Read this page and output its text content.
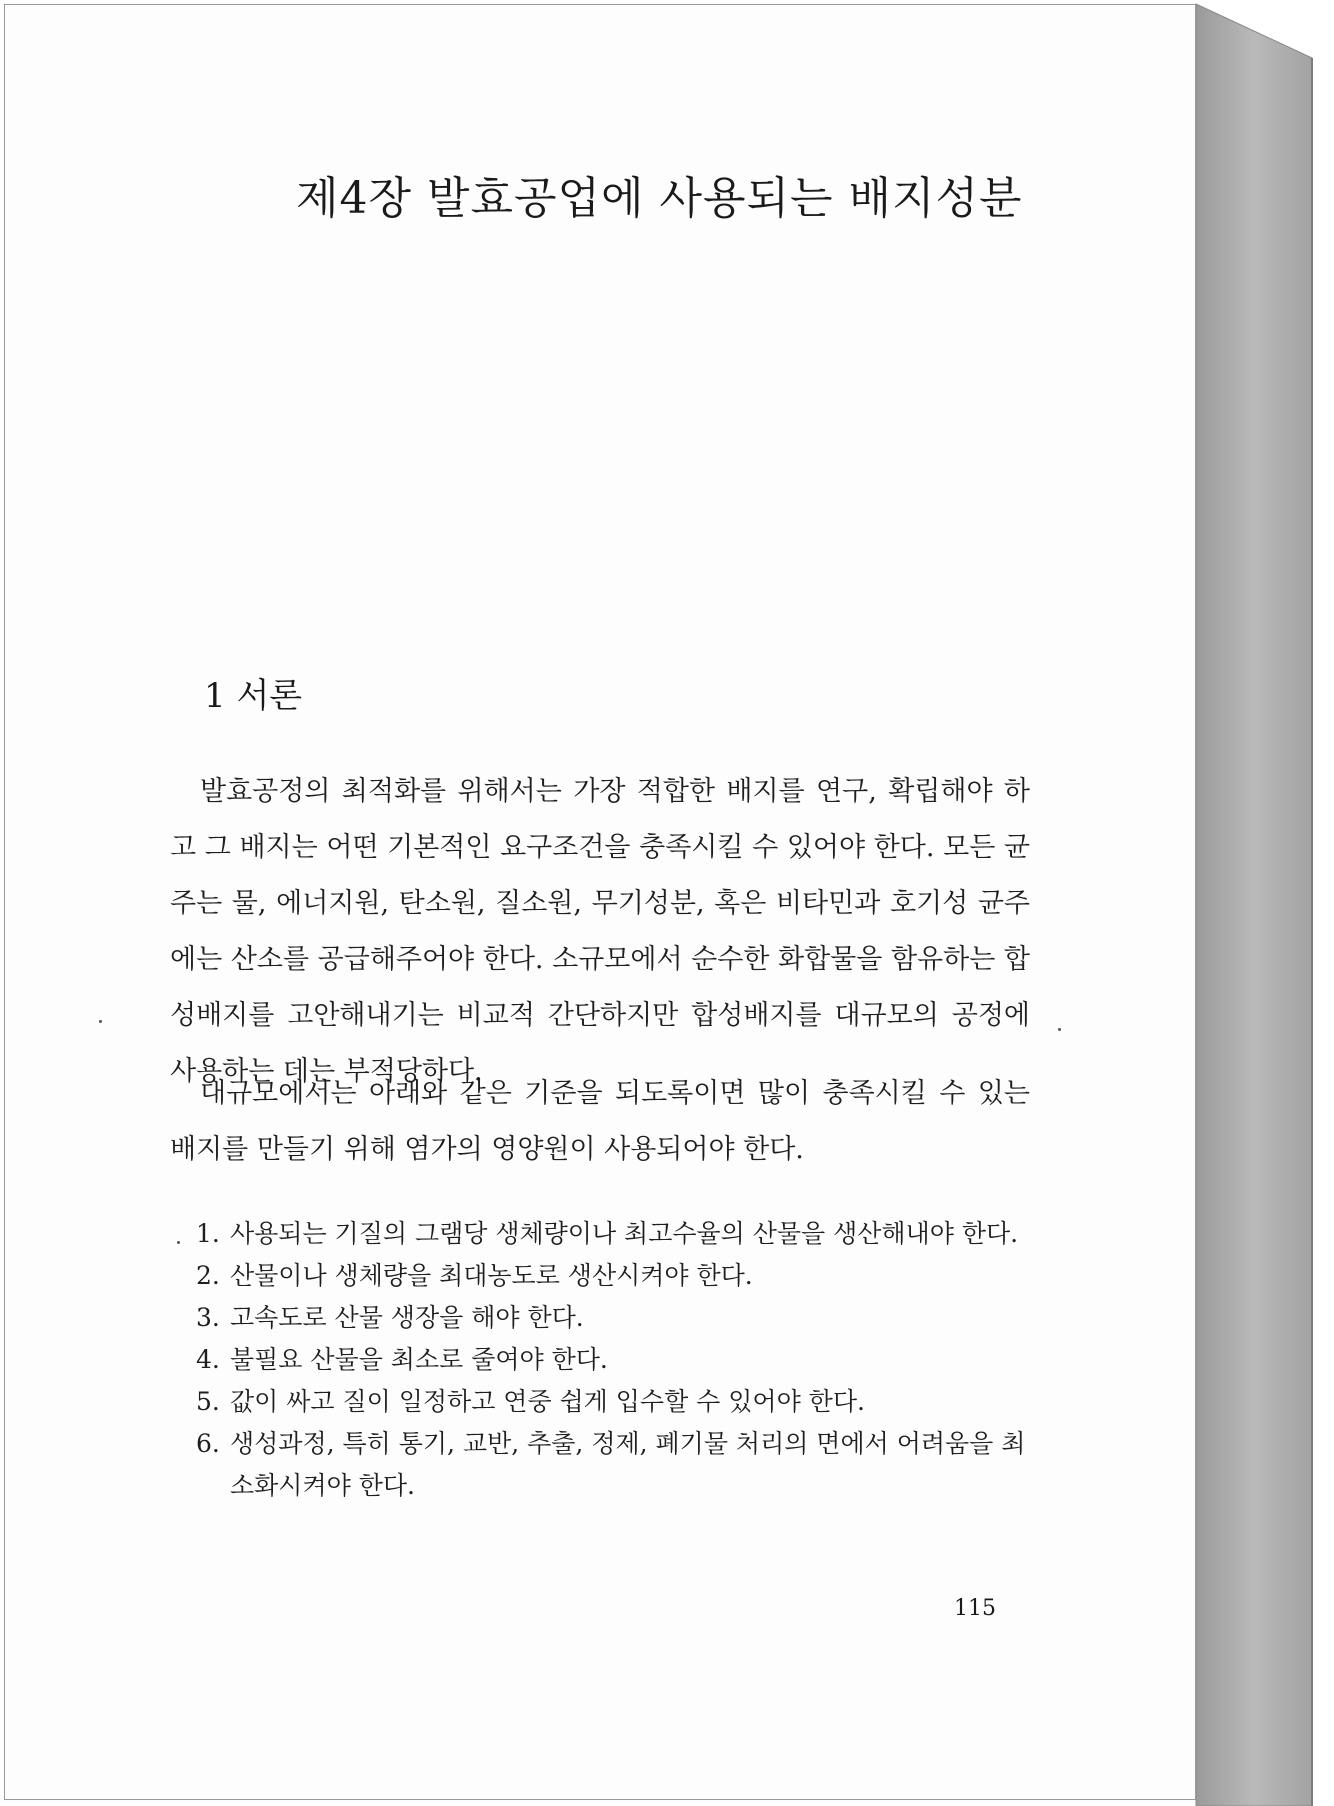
제4장 발효공업에 사용되는 배지성분
1 서론

발효공정의 최적화를 위해서는 가장 적합한 배지를 연구, 확립해야 하고 그 배지는 어떤 기본적인 요구조건을 충족시킬 수 있어야 한다. 모든 균주는 물, 에너지원, 탄소원, 질소원, 무기성분, 혹은 비타민과 호기성 균주에는 산소를 공급해주어야 한다. 소규모에서 순수한 화합물을 함유하는 합성배지를 고안해내기는 비교적 간단하지만 합성배지를 대규모의 공정에 사용하는 데는 부적당하다.

대규모에서는 아래와 같은 기준을 되도록이면 많이 충족시킬 수 있는 배지를 만들기 위해 염가의 영양원이 사용되어야 한다.

1. 사용되는 기질의 그램당 생체량이나 최고수율의 산물을 생산해내야 한다.
2. 산물이나 생체량을 최대농도로 생산시켜야 한다.
3. 고속도로 산물 생장을 해야 한다.
4. 불필요 산물을 최소로 줄여야 한다.
5. 값이 싸고 질이 일정하고 연중 쉽게 입수할 수 있어야 한다.
6. 생성과정, 특히 통기, 교반, 추출, 정제, 폐기물 처리의 면에서 어려움을 최소화시켜야 한다.
115
